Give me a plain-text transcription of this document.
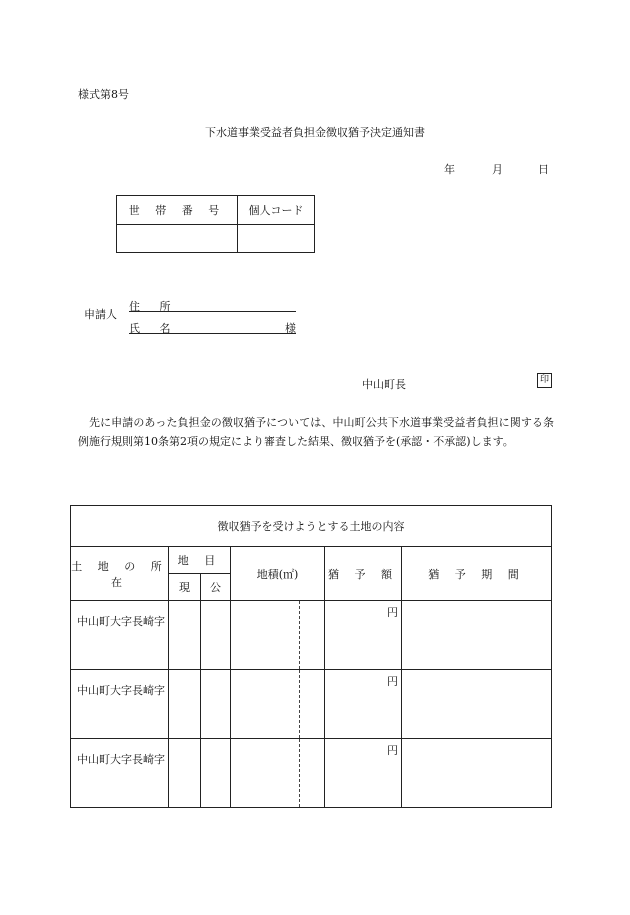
様式第8号
下水道事業受益者負担金徴収猶予決定通知書
年	月	日
世 帯 番 号	個人コード

申請人
住 所
氏 名	様
中山町長	印
先に申請のあった負担金の徴収猶予については、中山町公共下水道事業受益者負担に関する条例施行規則第10条第2項の規定により審査した結果、徴収猶予を(承認・不承認)します。
徴収猶予を受けようとする土地の内容					
土 地 の 所 在	地 目		地積(㎡)	猶 予 額	猶 予 期 間
	現	公			
中山町大字長崎字				円	
中山町大字長崎字				円	
中山町大字長崎字				円	
